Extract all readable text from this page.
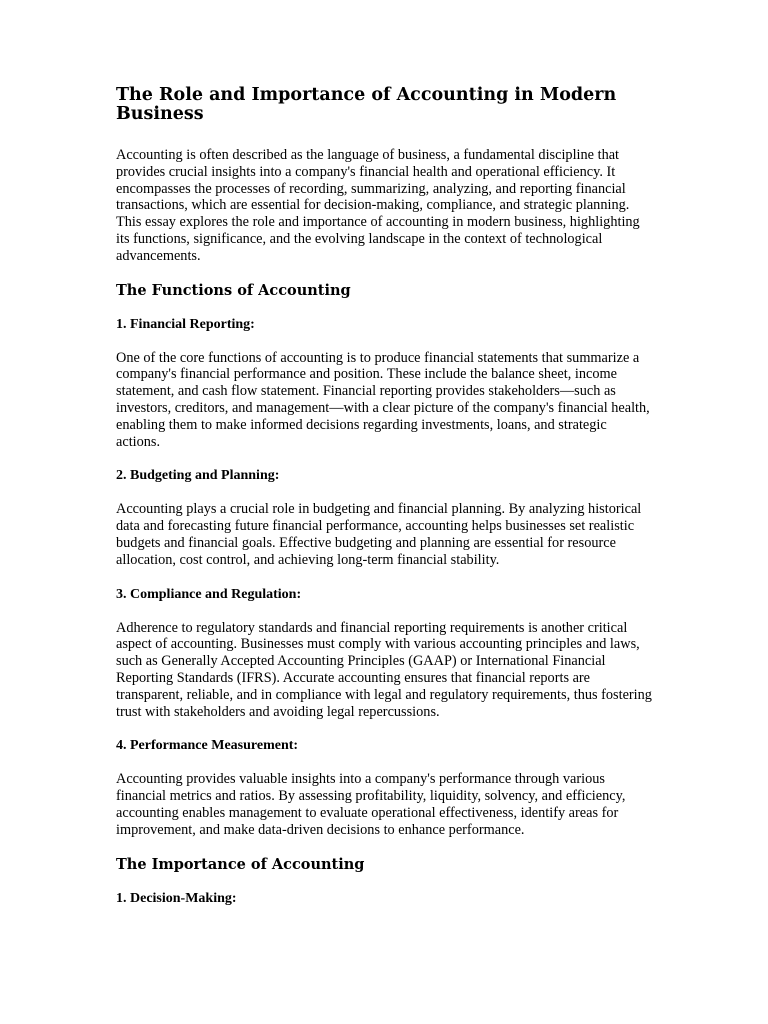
The Role and Importance of Accounting in Modern Business

Accounting is often described as the language of business, a fundamental discipline that provides crucial insights into a company's financial health and operational efficiency. It encompasses the processes of recording, summarizing, analyzing, and reporting financial transactions, which are essential for decision-making, compliance, and strategic planning. This essay explores the role and importance of accounting in modern business, highlighting its functions, significance, and the evolving landscape in the context of technological advancements.

The Functions of Accounting
1. Financial Reporting:

One of the core functions of accounting is to produce financial statements that summarize a company's financial performance and position. These include the balance sheet, income statement, and cash flow statement. Financial reporting provides stakeholders—such as investors, creditors, and management—with a clear picture of the company's financial health, enabling them to make informed decisions regarding investments, loans, and strategic actions.

2. Budgeting and Planning:

Accounting plays a crucial role in budgeting and financial planning. By analyzing historical data and forecasting future financial performance, accounting helps businesses set realistic budgets and financial goals. Effective budgeting and planning are essential for resource allocation, cost control, and achieving long-term financial stability.

3. Compliance and Regulation:

Adherence to regulatory standards and financial reporting requirements is another critical aspect of accounting. Businesses must comply with various accounting principles and laws, such as Generally Accepted Accounting Principles (GAAP) or International Financial Reporting Standards (IFRS). Accurate accounting ensures that financial reports are transparent, reliable, and in compliance with legal and regulatory requirements, thus fostering trust with stakeholders and avoiding legal repercussions.

4. Performance Measurement:

Accounting provides valuable insights into a company's performance through various financial metrics and ratios. By assessing profitability, liquidity, solvency, and efficiency, accounting enables management to evaluate operational effectiveness, identify areas for improvement, and make data-driven decisions to enhance performance.

The Importance of Accounting
1. Decision-Making:
